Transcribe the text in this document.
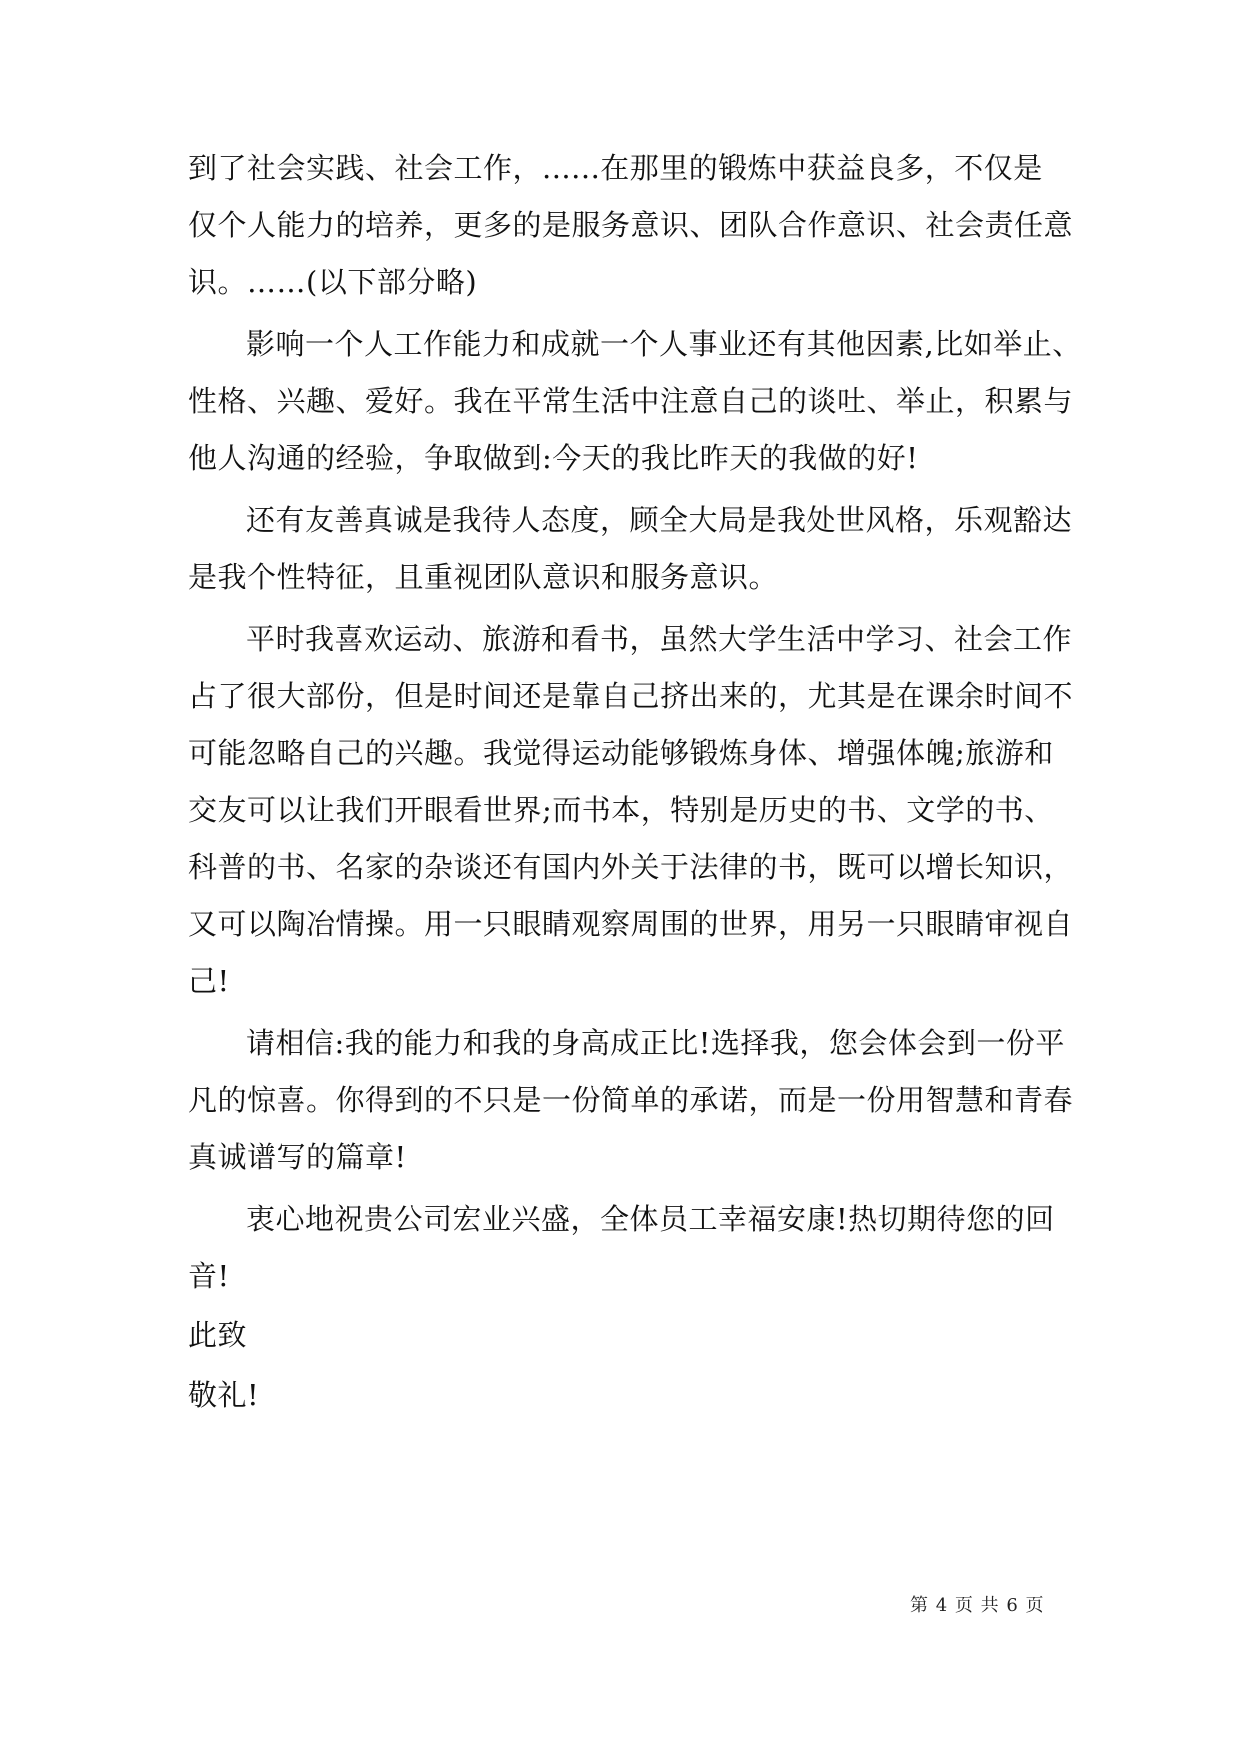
到了社会实践、社会工作，......在那里的锻炼中获益良多，不仅是
仅个人能力的培养，更多的是服务意识、团队合作意识、社会责任意
识。……(以下部分略)
影响一个人工作能力和成就一个人事业还有其他因素,比如举止、
性格、兴趣、爱好。我在平常生活中注意自己的谈吐、举止，积累与
他人沟通的经验，争取做到:今天的我比昨天的我做的好!
还有友善真诚是我待人态度，顾全大局是我处世风格，乐观豁达
是我个性特征，且重视团队意识和服务意识。
平时我喜欢运动、旅游和看书，虽然大学生活中学习、社会工作
占了很大部份，但是时间还是靠自己挤出来的，尤其是在课余时间不
可能忽略自己的兴趣。我觉得运动能够锻炼身体、增强体魄;旅游和
交友可以让我们开眼看世界;而书本，特别是历史的书、文学的书、
科普的书、名家的杂谈还有国内外关于法律的书，既可以增长知识，
又可以陶冶情操。用一只眼睛观察周围的世界，用另一只眼睛审视自
己!
请相信:我的能力和我的身高成正比!选择我，您会体会到一份平
凡的惊喜。你得到的不只是一份简单的承诺，而是一份用智慧和青春
真诚谱写的篇章!
衷心地祝贵公司宏业兴盛，全体员工幸福安康!热切期待您的回
音!
此致
敬礼!
第 4 页 共 6 页
